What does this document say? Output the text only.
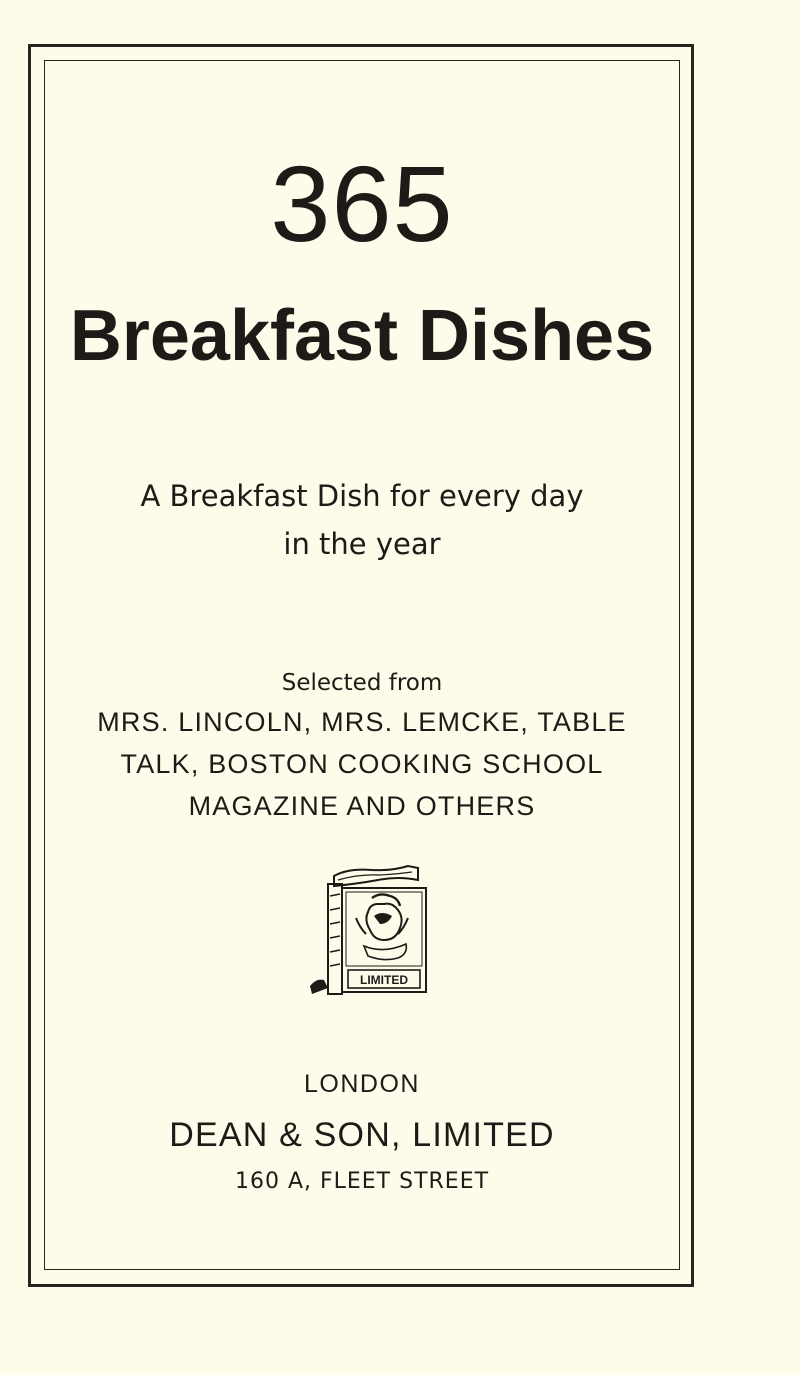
365
Breakfast Dishes
A Breakfast Dish for every day
in the year
Selected from
MRS. LINCOLN, MRS. LEMCKE, TABLE
TALK, BOSTON COOKING SCHOOL
MAGAZINE AND OTHERS
LIMITED
LONDON
DEAN & SON, LIMITED
160 A, FLEET STREET
